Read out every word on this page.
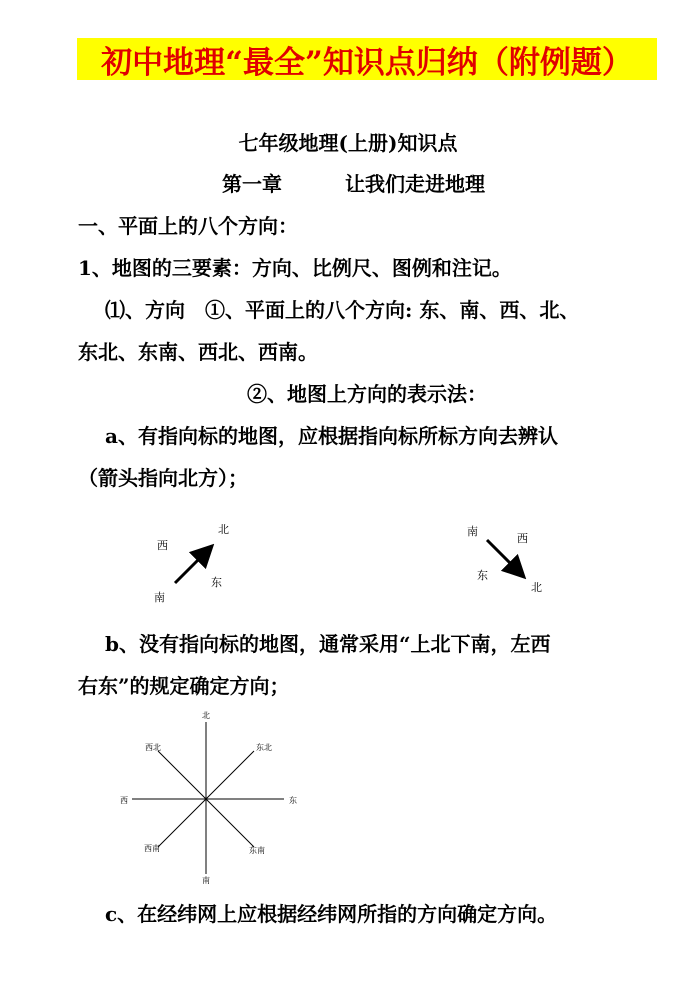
初中地理“最全”知识点归纳（附例题）
七年级地理(上册)知识点
第一章	让我们走进地理
一、平面上的八个方向：
1、地图的三要素：方向、比例尺、图例和注记。
⑴、方向　①、平面上的八个方向: 东、南、西、北、
东北、东南、西北、西南。
②、地图上方向的表示法：
a、有指向标的地图，应根据指向标所标方向去辨认
（箭头指向北方）；
北
西
东
南
南
西
东
北
b、没有指向标的地图，通常采用“上北下南，左西
右东”的规定确定方向；
北
南
西	东
西北	东北
西南	东南
c、在经纬网上应根据经纬网所指的方向确定方向。
